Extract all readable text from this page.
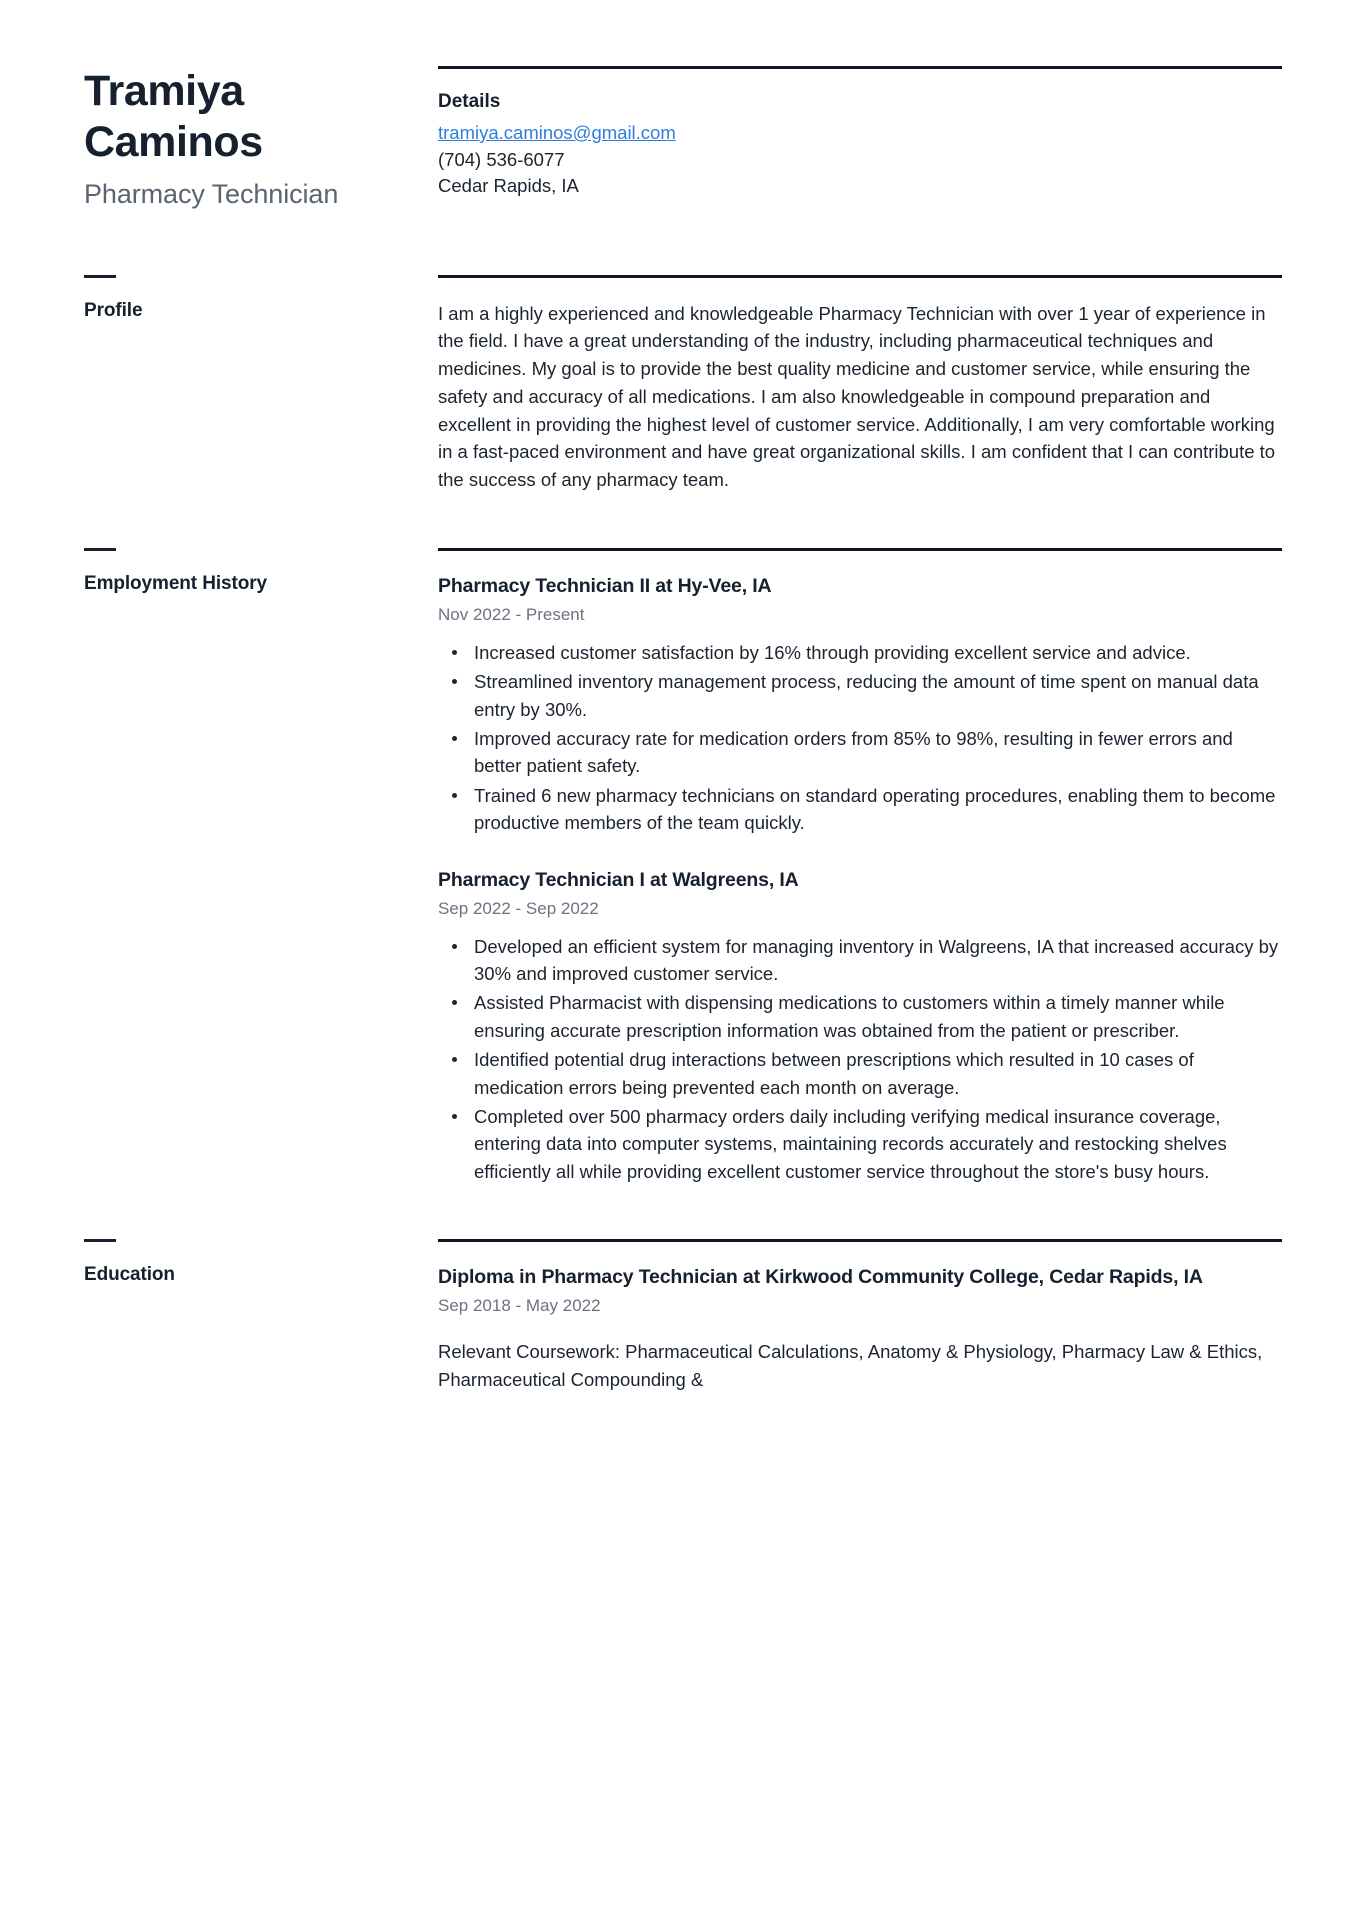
Tramiya
Caminos
Pharmacy Technician
Details
tramiya.caminos@gmail.com
(704) 536-6077
Cedar Rapids, IA
Profile	I am a highly experienced and knowledgeable Pharmacy Technician with over 1 year of experience in the field. I have a great understanding of the industry, including pharmaceutical techniques and medicines. My goal is to provide the best quality medicine and customer service, while ensuring the safety and accuracy of all medications. I am also knowledgeable in compound preparation and excellent in providing the highest level of customer service. Additionally, I am very comfortable working in a fast-paced environment and have great organizational skills. I am confident that I can contribute to the success of any pharmacy team.

Employment History	Pharmacy Technician II at Hy-Vee, IA
Nov 2022 - Present
Increased customer satisfaction by 16% through providing excellent service and advice.
Streamlined inventory management process, reducing the amount of time spent on manual data entry by 30%.
Improved accuracy rate for medication orders from 85% to 98%, resulting in fewer errors and better patient safety.
Trained 6 new pharmacy technicians on standard operating procedures, enabling them to become productive members of the team quickly.
Pharmacy Technician I at Walgreens, IA
Sep 2022 - Sep 2022
Developed an efficient system for managing inventory in Walgreens, IA that increased accuracy by 30% and improved customer service.
Assisted Pharmacist with dispensing medications to customers within a timely manner while ensuring accurate prescription information was obtained from the patient or prescriber.
Identified potential drug interactions between prescriptions which resulted in 10 cases of medication errors being prevented each month on average.
Completed over 500 pharmacy orders daily including verifying medical insurance coverage, entering data into computer systems, maintaining records accurately and restocking shelves efficiently all while providing excellent customer service throughout the store's busy hours.
Education	Diploma in Pharmacy Technician at Kirkwood Community College, Cedar Rapids, IA
Sep 2018 - May 2022
Relevant Coursework: Pharmaceutical Calculations, Anatomy & Physiology, Pharmacy Law & Ethics, Pharmaceutical Compounding &
